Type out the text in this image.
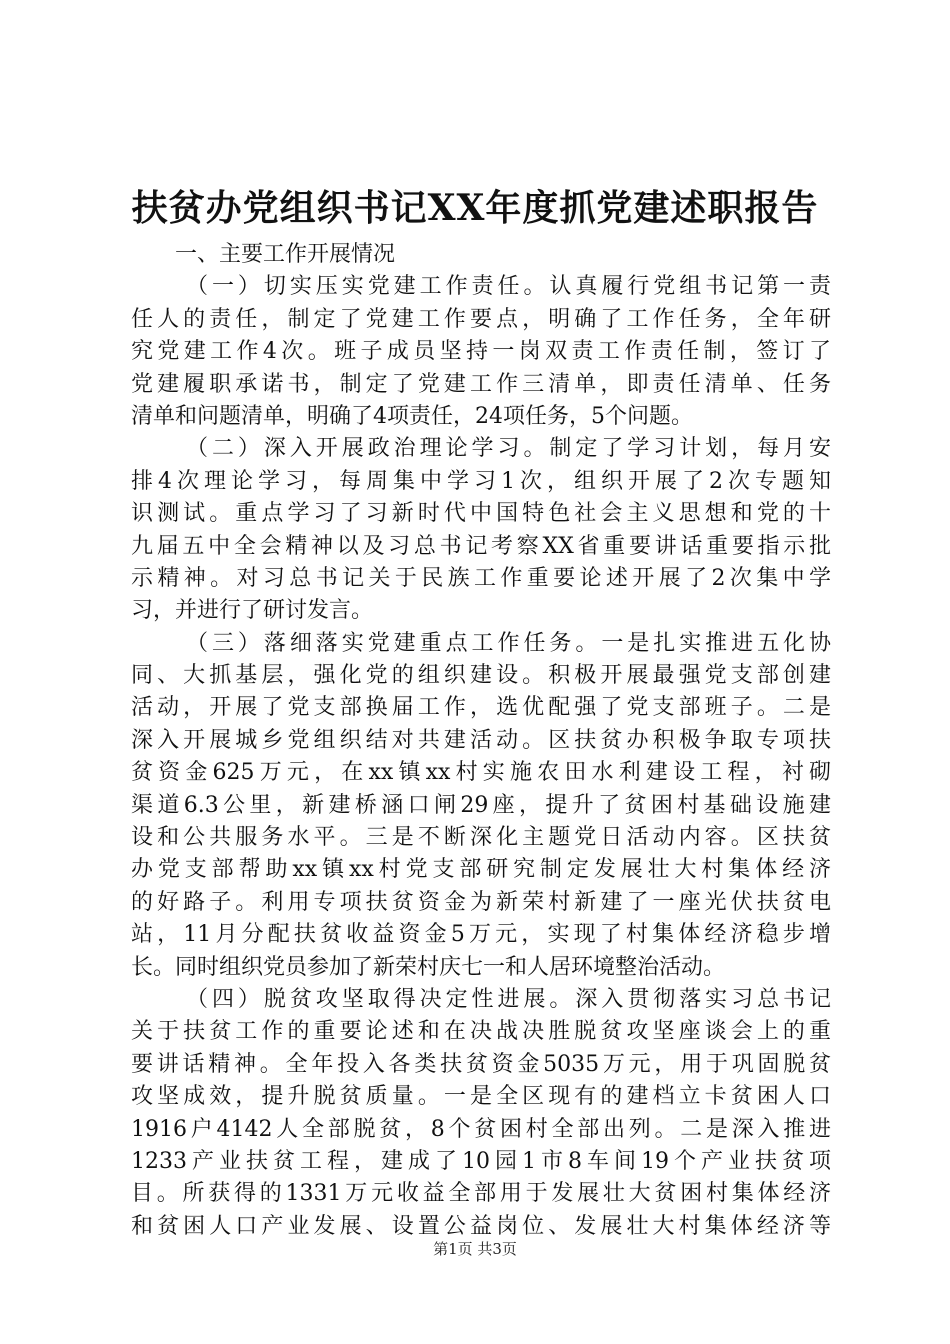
扶贫办党组织书记XX年度抓党建述职报告
一、主要工作开展情况
（一）切实压实党建工作责任。认真履行党组书记第一责
任人的责任，制定了党建工作要点，明确了工作任务，全年研
究党建工作4次。班子成员坚持一岗双责工作责任制，签订了
党建履职承诺书，制定了党建工作三清单，即责任清单、任务
清单和问题清单，明确了4项责任，24项任务，5个问题。
（二）深入开展政治理论学习。制定了学习计划，每月安
排4次理论学习，每周集中学习1次，组织开展了2次专题知
识测试。重点学习了习新时代中国特色社会主义思想和党的十
九届五中全会精神以及习总书记考察XX省重要讲话重要指示批
示精神。对习总书记关于民族工作重要论述开展了2次集中学
习，并进行了研讨发言。
（三）落细落实党建重点工作任务。一是扎实推进五化协
同、大抓基层，强化党的组织建设。积极开展最强党支部创建
活动，开展了党支部换届工作，选优配强了党支部班子。二是
深入开展城乡党组织结对共建活动。区扶贫办积极争取专项扶
贫资金625万元，在xx镇xx村实施农田水利建设工程，衬砌
渠道6.3公里，新建桥涵口闸29座，提升了贫困村基础设施建
设和公共服务水平。三是不断深化主题党日活动内容。区扶贫
办党支部帮助xx镇xx村党支部研究制定发展壮大村集体经济
的好路子。利用专项扶贫资金为新荣村新建了一座光伏扶贫电
站，11月分配扶贫收益资金5万元，实现了村集体经济稳步增
长。同时组织党员参加了新荣村庆七一和人居环境整治活动。
（四）脱贫攻坚取得决定性进展。深入贯彻落实习总书记
关于扶贫工作的重要论述和在决战决胜脱贫攻坚座谈会上的重
要讲话精神。全年投入各类扶贫资金5035万元，用于巩固脱贫
攻坚成效，提升脱贫质量。一是全区现有的建档立卡贫困人口
1916户4142人全部脱贫，8个贫困村全部出列。二是深入推进
1233产业扶贫工程，建成了10园1市8车间19个产业扶贫项
目。所获得的1331万元收益全部用于发展壮大贫困村集体经济
和贫困人口产业发展、设置公益岗位、发展壮大村集体经济等
第1页 共3页
